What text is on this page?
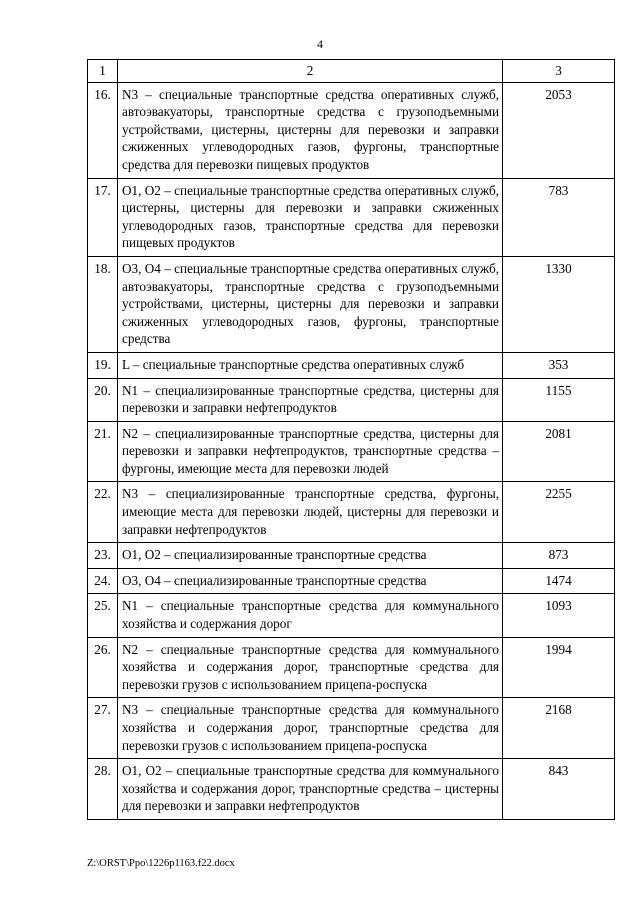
4
1	2	3
16.	N3 – специальные транспортные средства оперативных служб, автоэвакуаторы, транспортные средства с грузоподъемными устройствами, цистерны, цистерны для перевозки и заправки сжиженных углеводородных газов, фургоны, транспортные средства для перевозки пищевых продуктов	2053
17.	O1, O2 – специальные транспортные средства оперативных служб, цистерны, цистерны для перевозки и заправки сжиженных углеводородных газов, транспортные средства для перевозки пищевых продуктов	783
18.	O3, O4 – специальные транспортные средства оперативных служб, автоэвакуаторы, транспортные средства с грузоподъемными устройствами, цистерны, цистерны для перевозки и заправки сжиженных углеводородных газов, фургоны, транспортные средства	1330
19.	L – специальные транспортные средства оперативных служб	353
20.	N1 – специализированные транспортные средства, цистерны для перевозки и заправки нефтепродуктов	1155
21.	N2 – специализированные транспортные средства, цистерны для перевозки и заправки нефтепродуктов, транспортные средства – фургоны, имеющие места для перевозки людей	2081
22.	N3 – специализированные транспортные средства, фургоны, имеющие места для перевозки людей, цистерны для перевозки и заправки нефтепродуктов	2255
23.	O1, O2 – специализированные транспортные средства	873
24.	O3, O4 – специализированные транспортные средства	1474
25.	N1 – специальные транспортные средства для коммунального хозяйства и содержания дорог	1093
26.	N2 – специальные транспортные средства для коммунального хозяйства и содержания дорог, транспортные средства для перевозки грузов с использованием прицепа-роспуска	1994
27.	N3 – специальные транспортные средства для коммунального хозяйства и содержания дорог, транспортные средства для перевозки грузов с использованием прицепа-роспуска	2168
28.	O1, O2 – специальные транспортные средства для коммунального хозяйства и содержания дорог, транспортные средства – цистерны для перевозки и заправки нефтепродуктов	843
Z:\ORST\Ppo\1226p1163.f22.docx
